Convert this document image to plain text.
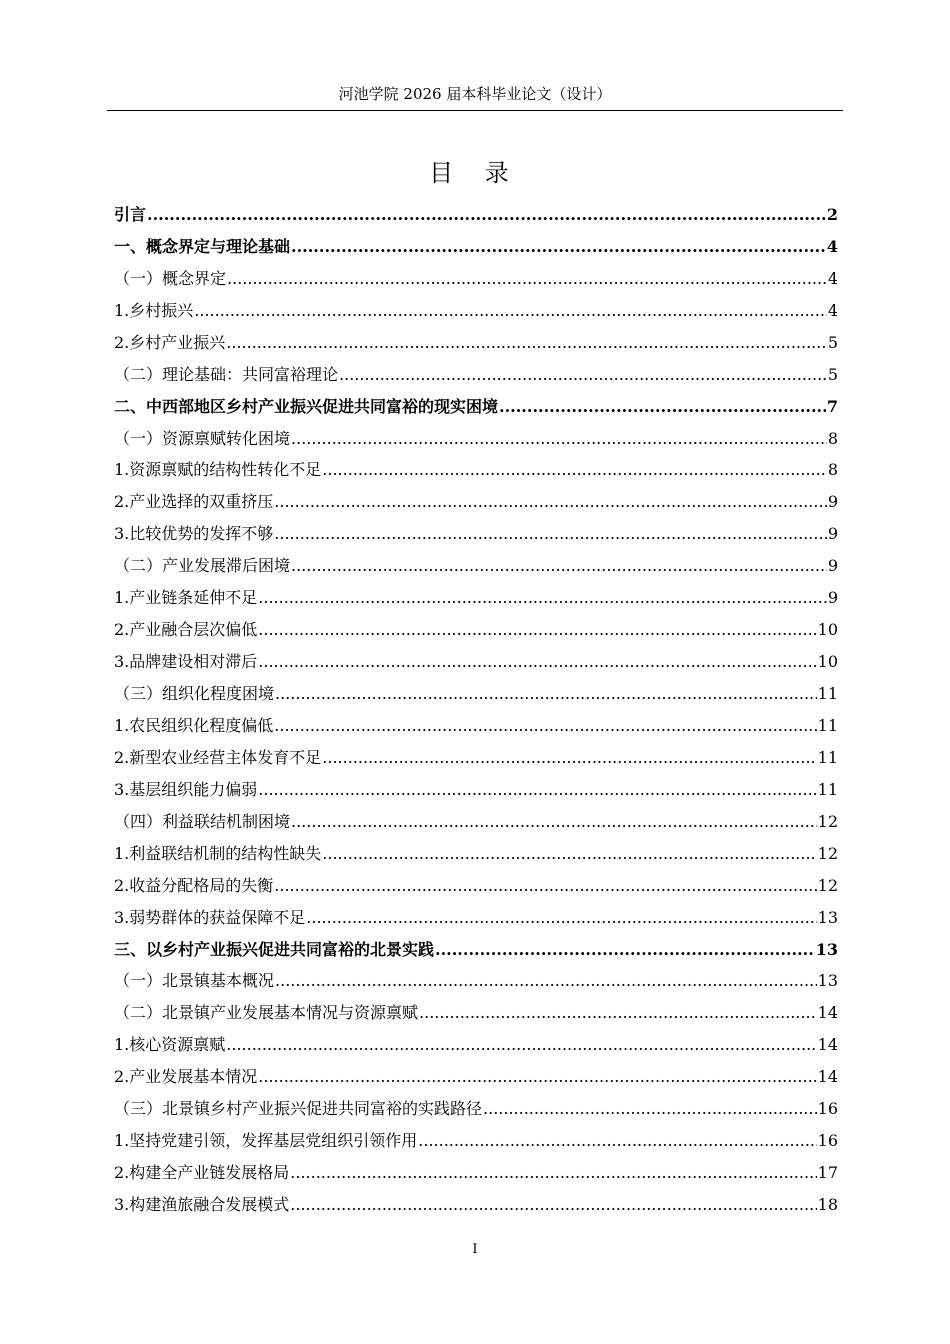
河池学院 2026 届本科毕业论文（设计）
目 录
引言 .....	2
一、概念界定与理论基础 .....	4
（一）概念界定 .....	4
1.乡村振兴 .....	4
2.乡村产业振兴 .....	5
（二）理论基础：共同富裕理论 .....	5
二、中西部地区乡村产业振兴促进共同富裕的现实困境 .....	7
（一）资源禀赋转化困境 .....	8
1.资源禀赋的结构性转化不足 .....	8
2.产业选择的双重挤压 .....	9
3.比较优势的发挥不够 .....	9
（二）产业发展滞后困境 .....	9
1.产业链条延伸不足 .....	9
2.产业融合层次偏低 .....	10
3.品牌建设相对滞后 .....	10
（三）组织化程度困境 .....	11
1.农民组织化程度偏低 .....	11
2.新型农业经营主体发育不足 .....	11
3.基层组织能力偏弱 .....	11
（四）利益联结机制困境 .....	12
1.利益联结机制的结构性缺失 .....	12
2.收益分配格局的失衡 .....	12
3.弱势群体的获益保障不足 .....	13
三、以乡村产业振兴促进共同富裕的北景实践 .....	13
（一）北景镇基本概况 .....	13
（二）北景镇产业发展基本情况与资源禀赋 .....	14
1.核心资源禀赋 .....	14
2.产业发展基本情况 .....	14
（三）北景镇乡村产业振兴促进共同富裕的实践路径 .....	16
1.坚持党建引领，发挥基层党组织引领作用 .....	16
2.构建全产业链发展格局 .....	17
3.构建渔旅融合发展模式 .....	18
I
